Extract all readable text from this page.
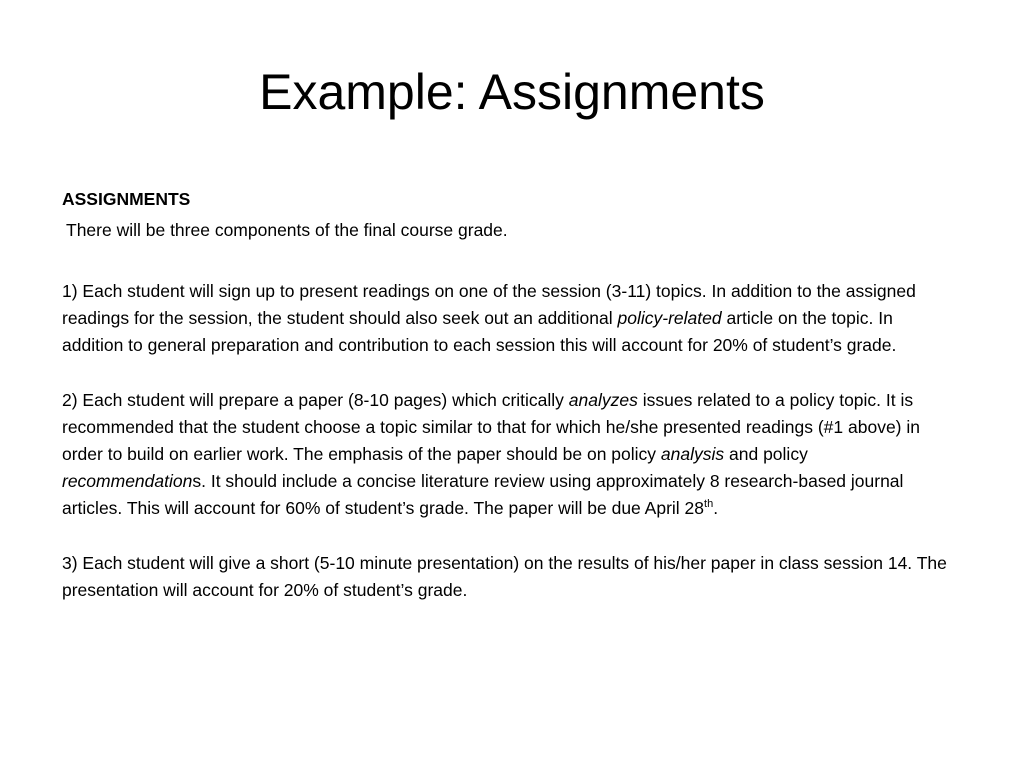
Example: Assignments

ASSIGNMENTS

There will be three components of the final course grade.

1) Each student will sign up to present readings on one of the session (3-11) topics. In addition to the assigned readings for the session, the student should also seek out an additional policy-related article on the topic. In addition to general preparation and contribution to each session this will account for 20% of student’s grade.

2) Each student will prepare a paper (8-10 pages) which critically analyzes issues related to a policy topic. It is recommended that the student choose a topic similar to that for which he/she presented readings (#1 above) in order to build on earlier work. The emphasis of the paper should be on policy analysis and policy recommendations. It should include a concise literature review using approximately 8 research-based journal articles. This will account for 60% of student’s grade. The paper will be due April 28th.

3) Each student will give a short (5-10 minute presentation) on the results of his/her paper in class session 14. The presentation will account for 20% of student’s grade.
